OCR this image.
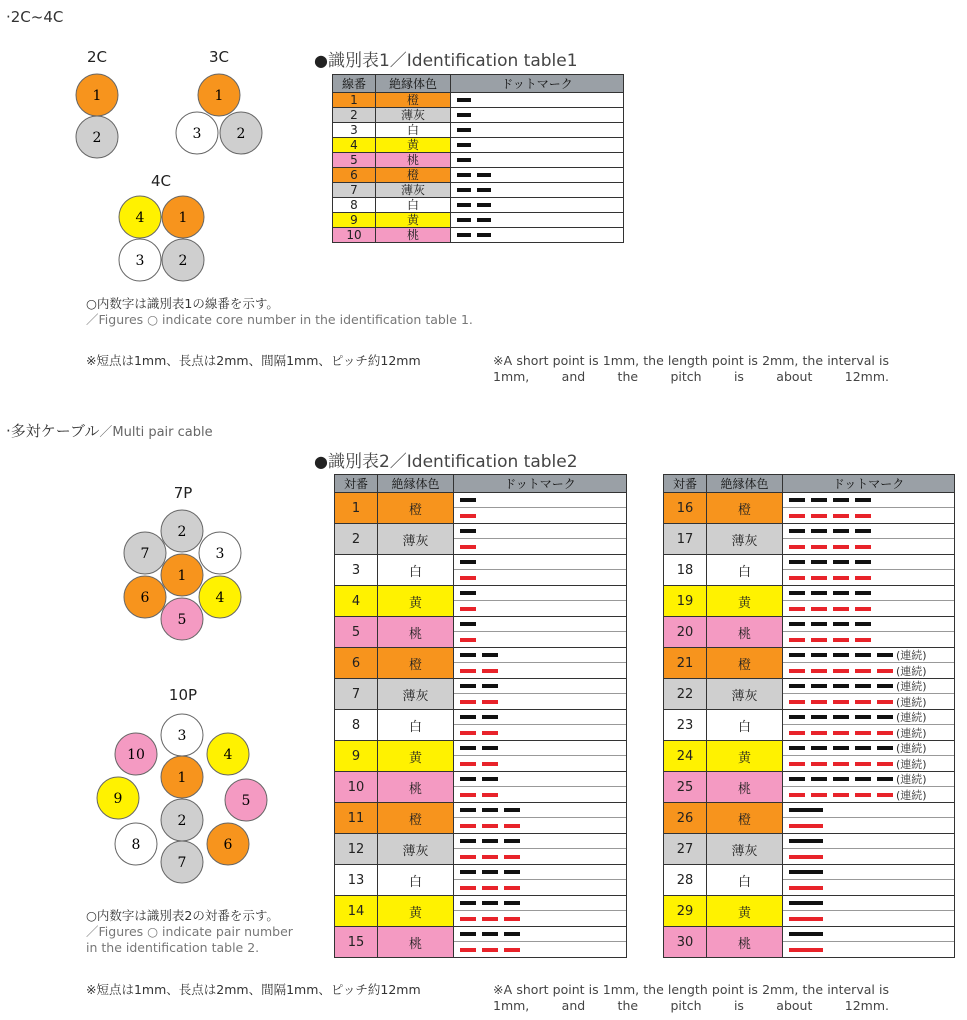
·2C~4C
2C
1
2
3C
1
3	2
4C
4 1
3 2
○内数字は識別表1の線番を示す。
／Figures ○ indicate core number in the identification table 1.
※短点は1mm、長点は2mm、間隔1mm、ピッチ約12mm	※A short point is 1mm, the length point is 2mm, the interval is 1mm, and the pitch is about 12mm.
●識別表1／Identification table1
線番	絶縁体色	ドットマーク
1	橙	

2	薄灰	

3	白	

4	黄	

5	桃	

6	橙	

7	薄灰	

8	白	

9	黄	

10	桃	
·多対ケーブル／Multi pair cable
●識別表2／Identification table2
7P
2
3
4
5
6
7
1
10P
3
4
5
6
7
8
9
10
1
2
○内数字は識別表2の対番を示す。
／Figures ○ indicate pair number
in the identification table 2.
※短点は1mm、長点は2mm、間隔1mm、ピッチ約12mm	※A short point is 1mm, the length point is 2mm, the interval is 1mm, and the pitch is about 12mm.
対番	絶縁体色	ドットマーク
1	橙	

2	薄灰	

3	白	

4	黄	

5	桃	

6	橙	

7	薄灰	

8	白	

9	黄	

10	桃	

11	橙	

12	薄灰	

13	白	

14	黄	

15	桃	
対番	絶縁体色	ドットマーク
16	橙	

17	薄灰	

18	白	

19	黄	

20	桃	

21	橙	(連続)
(連続)

22	薄灰	(連続)
(連続)

23	白	(連続)
(連続)

24	黄	(連続)
(連続)

25	桃	(連続)
(連続)

26	橙	

27	薄灰	

28	白	

29	黄	

30	桃	
